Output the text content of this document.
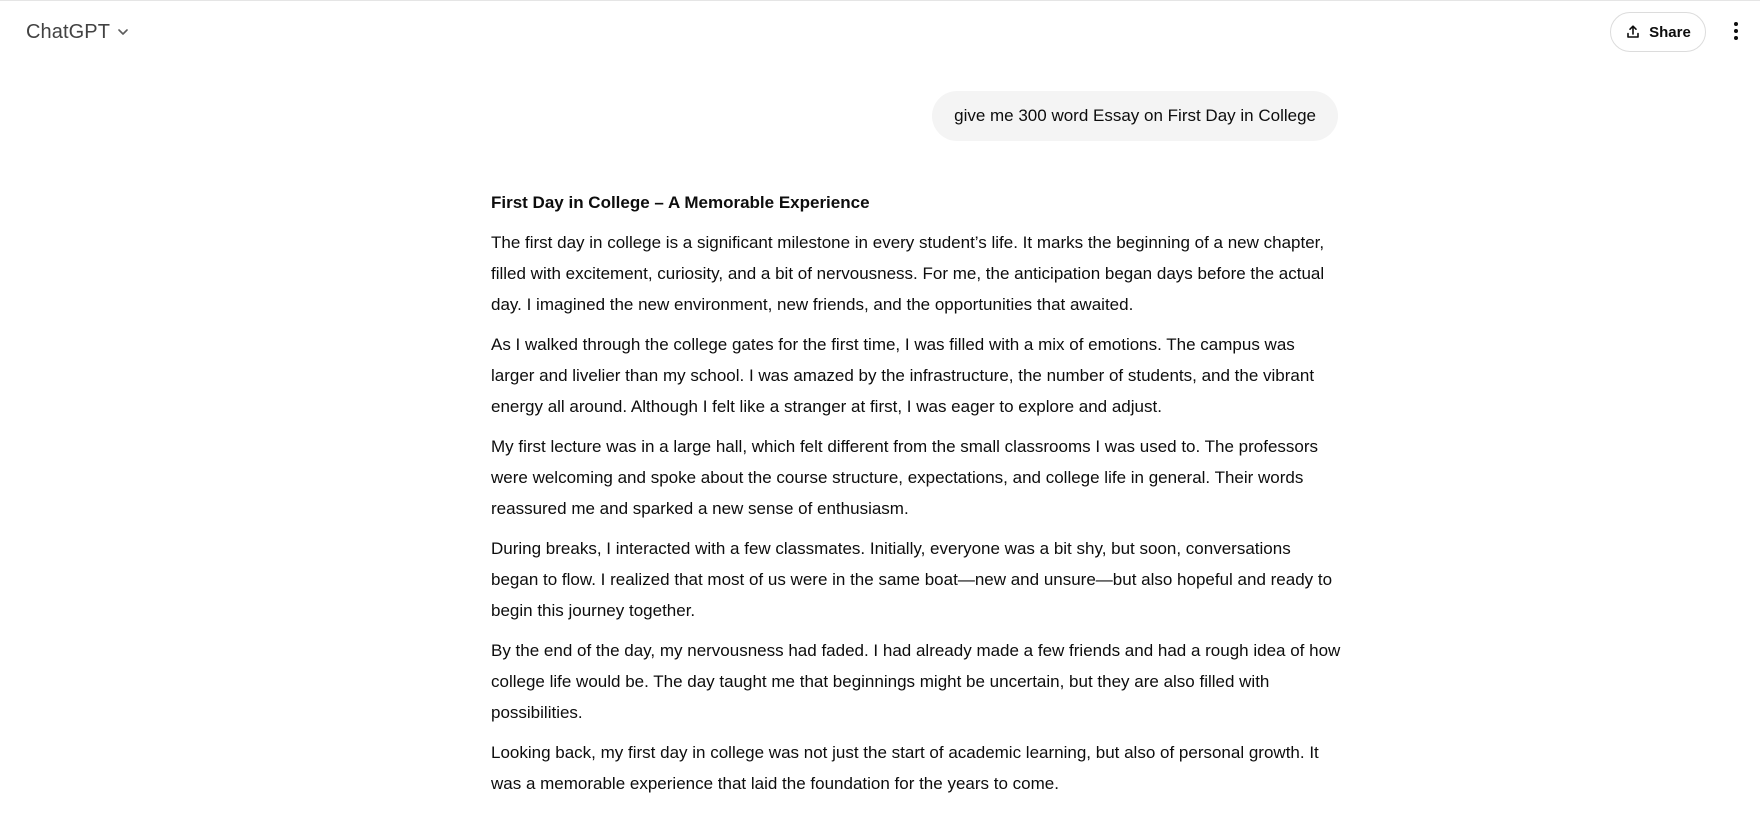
ChatGPT	Share
give me 300 word Essay on First Day in College
First Day in College – A Memorable Experience

The first day in college is a significant milestone in every student’s life. It marks the beginning of a new chapter, filled with excitement, curiosity, and a bit of nervousness. For me, the anticipation began days before the actual day. I imagined the new environment, new friends, and the opportunities that awaited.

As I walked through the college gates for the first time, I was filled with a mix of emotions. The campus was larger and livelier than my school. I was amazed by the infrastructure, the number of students, and the vibrant energy all around. Although I felt like a stranger at first, I was eager to explore and adjust.

My first lecture was in a large hall, which felt different from the small classrooms I was used to. The professors were welcoming and spoke about the course structure, expectations, and college life in general. Their words reassured me and sparked a new sense of enthusiasm.

During breaks, I interacted with a few classmates. Initially, everyone was a bit shy, but soon, conversations began to flow. I realized that most of us were in the same boat—new and unsure—but also hopeful and ready to begin this journey together.

By the end of the day, my nervousness had faded. I had already made a few friends and had a rough idea of how college life would be. The day taught me that beginnings might be uncertain, but they are also filled with possibilities.

Looking back, my first day in college was not just the start of academic learning, but also of personal growth. It was a memorable experience that laid the foundation for the years to come.
